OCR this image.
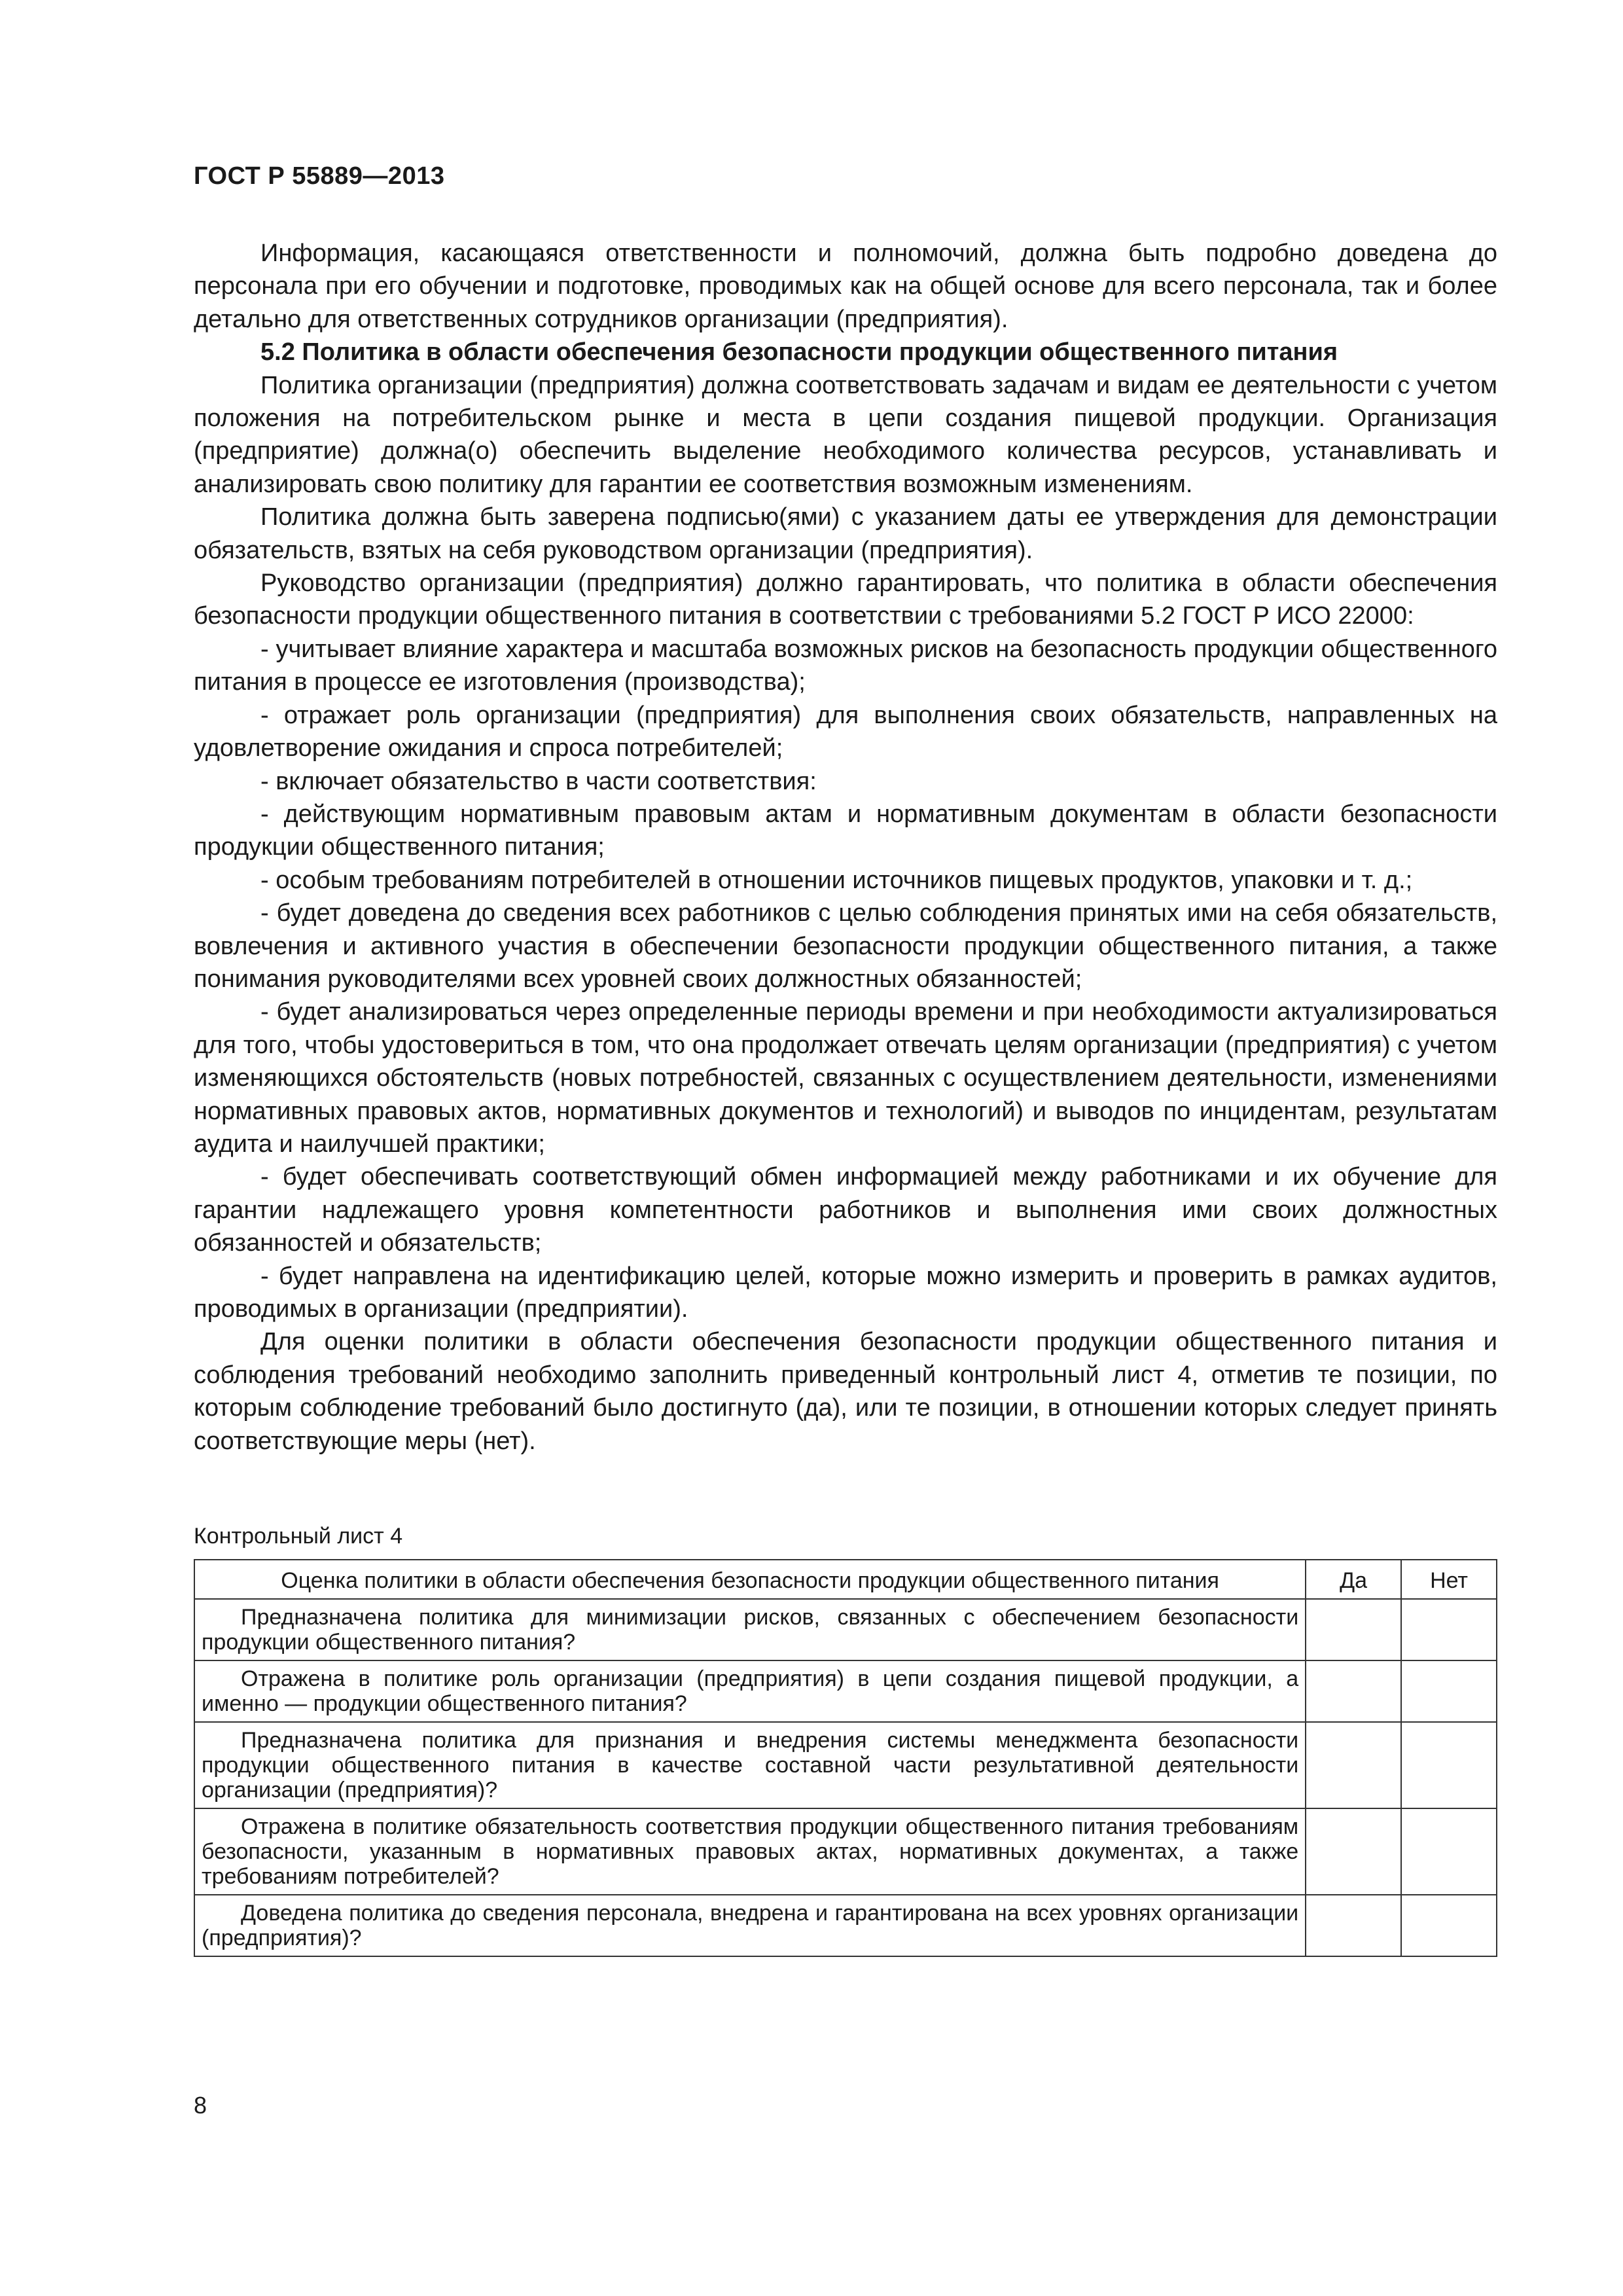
ГОСТ Р 55889—2013

Информация, касающаяся ответственности и полномочий, должна быть подробно доведена до персонала при его обучении и подготовке, проводимых как на общей основе для всего персонала, так и более детально для ответственных сотрудников организации (предприятия).

5.2 Политика в области обеспечения безопасности продукции общественного питания

Политика организации (предприятия) должна соответствовать задачам и видам ее деятельности с учетом положения на потребительском рынке и места в цепи создания пищевой продукции. Организация (предприятие) должна(о) обеспечить выделение необходимого количества ресурсов, устанавливать и анализировать свою политику для гарантии ее соответствия возможным изменениям.

Политика должна быть заверена подписью(ями) с указанием даты ее утверждения для демонстрации обязательств, взятых на себя руководством организации (предприятия).

Руководство организации (предприятия) должно гарантировать, что политика в области обеспечения безопасности продукции общественного питания в соответствии с требованиями 5.2 ГОСТ Р ИСО 22000:

- учитывает влияние характера и масштаба возможных рисков на безопасность продукции общественного питания в процессе ее изготовления (производства);

- отражает роль организации (предприятия) для выполнения своих обязательств, направленных на удовлетворение ожидания и спроса потребителей;

- включает обязательство в части соответствия:

- действующим нормативным правовым актам и нормативным документам в области безопасности продукции общественного питания;

- особым требованиям потребителей в отношении источников пищевых продуктов, упаковки и т. д.;

- будет доведена до сведения всех работников с целью соблюдения принятых ими на себя обязательств, вовлечения и активного участия в обеспечении безопасности продукции общественного питания, а также понимания руководителями всех уровней своих должностных обязанностей;

- будет анализироваться через определенные периоды времени и при необходимости актуализироваться для того, чтобы удостовериться в том, что она продолжает отвечать целям организации (предприятия) с учетом изменяющихся обстоятельств (новых потребностей, связанных с осуществлением деятельности, изменениями нормативных правовых актов, нормативных документов и технологий) и выводов по инцидентам, результатам аудита и наилучшей практики;

- будет обеспечивать соответствующий обмен информацией между работниками и их обучение для гарантии надлежащего уровня компетентности работников и выполнения ими своих должностных обязанностей и обязательств;

- будет направлена на идентификацию целей, которые можно измерить и проверить в рамках аудитов, проводимых в организации (предприятии).

Для оценки политики в области обеспечения безопасности продукции общественного питания и соблюдения требований необходимо заполнить приведенный контрольный лист 4, отметив те позиции, по которым соблюдение требований было достигнуто (да), или те позиции, в отношении которых следует принять соответствующие меры (нет).

Контрольный лист 4
Оценка политики в области обеспечения безопасности продукции общественного питания	Да	Нет
Предназначена политика для минимизации рисков, связанных с обеспечением безопасности продукции общественного питания?		
Отражена в политике роль организации (предприятия) в цепи создания пищевой продукции, а именно — продукции общественного питания?		
Предназначена политика для признания и внедрения системы менеджмента безопасности продукции общественного питания в качестве составной части результативной деятельности организации (предприятия)?		
Отражена в политике обязательность соответствия продукции общественного питания требованиям безопасности, указанным в нормативных правовых актах, нормативных документах, а также требованиям потребителей?		
Доведена политика до сведения персонала, внедрена и гарантирована на всех уровнях организации (предприятия)?		
8
